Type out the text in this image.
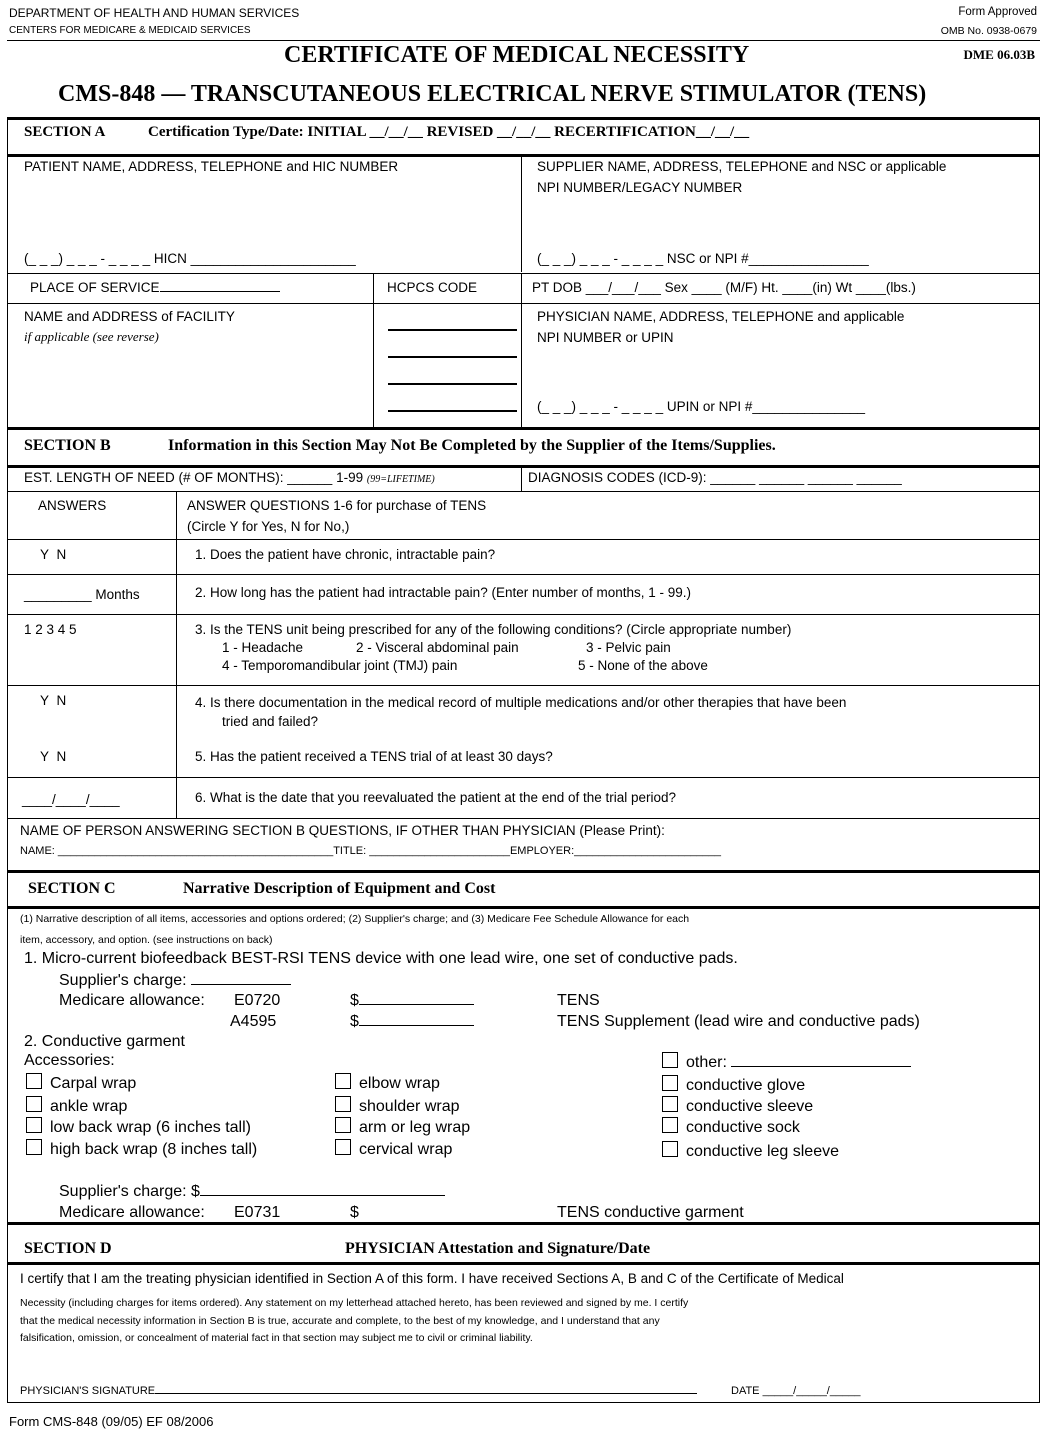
DEPARTMENT OF HEALTH AND HUMAN SERVICES
CENTERS FOR MEDICARE & MEDICAID SERVICES
Form Approved
OMB No. 0938-0679
CERTIFICATE OF MEDICAL NECESSITY	DME 06.03B
CMS-848 — TRANSCUTANEOUS ELECTRICAL NERVE STIMULATOR (TENS)
SECTION A	Certification Type/Date: INITIAL __/__/__ REVISED __/__/__ RECERTIFICATION__/__/__
PATIENT NAME, ADDRESS, TELEPHONE and HIC NUMBER
(_ _ _) _ _ _ - _ _ _ _ HICN ______________________
SUPPLIER NAME, ADDRESS, TELEPHONE and NSC or applicable
NPI NUMBER/LEGACY NUMBER
(_ _ _) _ _ _ - _ _ _ _ NSC or NPI #________________
PLACE OF SERVICE	HCPCS CODE	PT DOB ___/___/___ Sex ____ (M/F) Ht. ____(in) Wt ____(lbs.)
NAME and ADDRESS of FACILITY
if applicable (see reverse)
PHYSICIAN NAME, ADDRESS, TELEPHONE and applicable
NPI NUMBER or UPIN
(_ _ _) _ _ _ - _ _ _ _ UPIN or NPI #_______________
SECTION B	Information in this Section May Not Be Completed by the Supplier of the Items/Supplies.
EST. LENGTH OF NEED (# OF MONTHS): ______ 1-99 (99=LIFETIME)	DIAGNOSIS CODES (ICD-9): ______ ______ ______ ______
ANSWERS	ANSWER QUESTIONS 1-6 for purchase of TENS
(Circle Y for Yes, N for No,)
Y N	1. Does the patient have chronic, intractable pain?
_________ Months	2. How long has the patient had intractable pain? (Enter number of months, 1 - 99.)
1 2 3 4 5	3. Is the TENS unit being prescribed for any of the following conditions? (Circle appropriate number)
1 - Headache	2 - Visceral abdominal pain	3 - Pelvic pain
4 - Temporomandibular joint (TMJ) pain	5 - None of the above
Y N	4. Is there documentation in the medical record of multiple medications and/or other therapies that have been
tried and failed?
Y N	5. Has the patient received a TENS trial of at least 30 days?
____/____/____	6. What is the date that you reevaluated the patient at the end of the trial period?
NAME OF PERSON ANSWERING SECTION B QUESTIONS, IF OTHER THAN PHYSICIAN (Please Print):
NAME: _____________________________________________TITLE: _______________________EMPLOYER:________________________
SECTION C	Narrative Description of Equipment and Cost
(1) Narrative description of all items, accessories and options ordered; (2) Supplier's charge; and (3) Medicare Fee Schedule Allowance for each
item, accessory, and option. (see instructions on back)
1. Micro-current biofeedback BEST-RSI TENS device with one lead wire, one set of conductive pads.
Supplier's charge:
Medicare allowance: E0720	$	TENS
A4595	$	TENS Supplement (lead wire and conductive pads)
2. Conductive garment
Accessories:
Carpal wrap
ankle wrap
low back wrap (6 inches tall)
high back wrap (8 inches tall)
elbow wrap
shoulder wrap
arm or leg wrap
cervical wrap
other:
conductive glove
conductive sleeve
conductive sock
conductive leg sleeve
Supplier's charge: $
Medicare allowance: E0731	$	TENS conductive garment
SECTION D	PHYSICIAN Attestation and Signature/Date
I certify that I am the treating physician identified in Section A of this form. I have received Sections A, B and C of the Certificate of Medical
Necessity (including charges for items ordered). Any statement on my letterhead attached hereto, has been reviewed and signed by me. I certify
that the medical necessity information in Section B is true, accurate and complete, to the best of my knowledge, and I understand that any
falsification, omission, or concealment of material fact in that section may subject me to civil or criminal liability.
PHYSICIAN'S SIGNATURE	DATE _____/_____/_____
Form CMS-848 (09/05) EF 08/2006
